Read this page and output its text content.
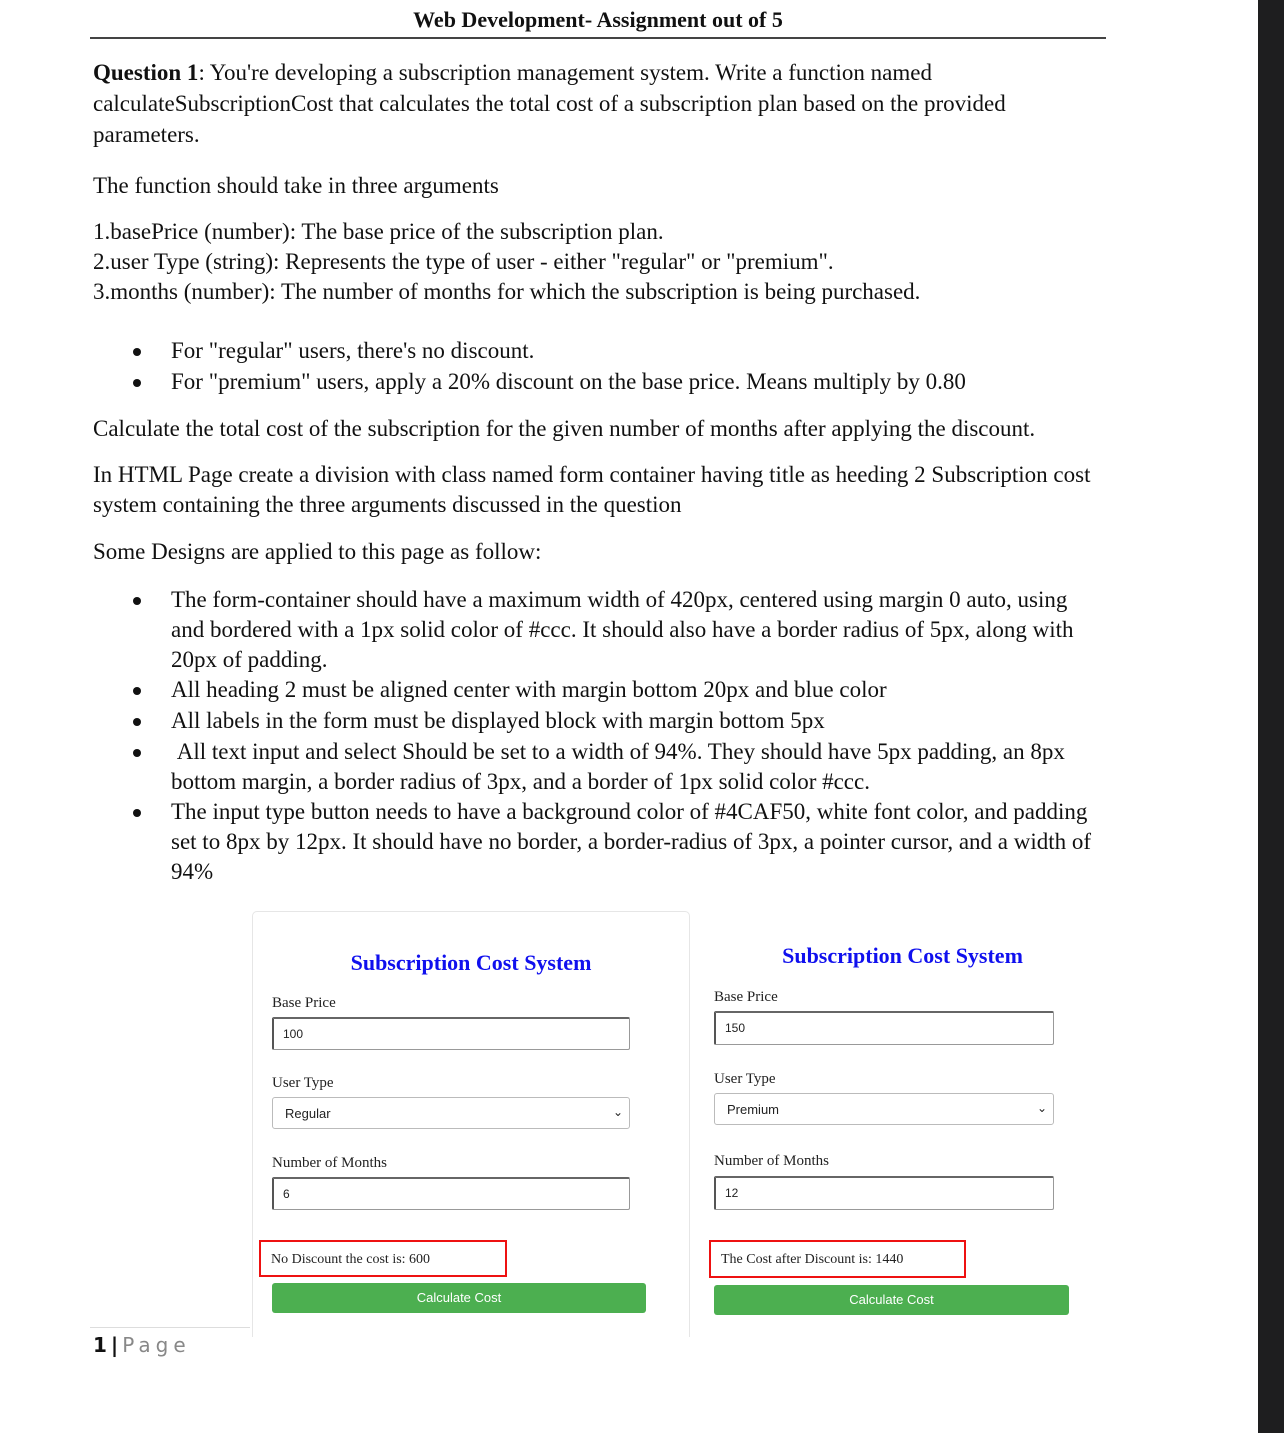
Web Development- Assignment out of 5

Question 1: You're developing a subscription management system. Write a function named calculateSubscriptionCost that calculates the total cost of a subscription plan based on the provided parameters.

The function should take in three arguments

1.basePrice (number): The base price of the subscription plan.
2.user Type (string): Represents the type of user - either "regular" or "premium".
3.months (number): The number of months for which the subscription is being purchased.
For "regular" users, there's no discount.
For "premium" users, apply a 20% discount on the base price. Means multiply by 0.80

Calculate the total cost of the subscription for the given number of months after applying the discount.

In HTML Page create a division with class named form container having title as heeding 2 Subscription cost system containing the three arguments discussed in the question

Some Designs are applied to this page as follow:

The form-container should have a maximum width of 420px, centered using margin 0 auto, using and bordered with a 1px solid color of #ccc. It should also have a border radius of 5px, along with 20px of padding.
All heading 2 must be aligned center with margin bottom 20px and blue color
All labels in the form must be displayed block with margin bottom 5px
All text input and select Should be set to a width of 94%. They should have 5px padding, an 8px bottom margin, a border radius of 3px, and a border of 1px solid color #ccc.
The input type button needs to have a background color of #4CAF50, white font color, and padding set to 8px by 12px. It should have no border, a border-radius of 3px, a pointer cursor, and a width of 94%
Subscription Cost System
Base Price
100
User Type
Regular	⌄
Number of Months
6
No Discount the cost is: 600
Calculate Cost
Subscription Cost System
Base Price
150
User Type
Premium	⌄
Number of Months
12
The Cost after Discount is: 1440
Calculate Cost
1 | Page
